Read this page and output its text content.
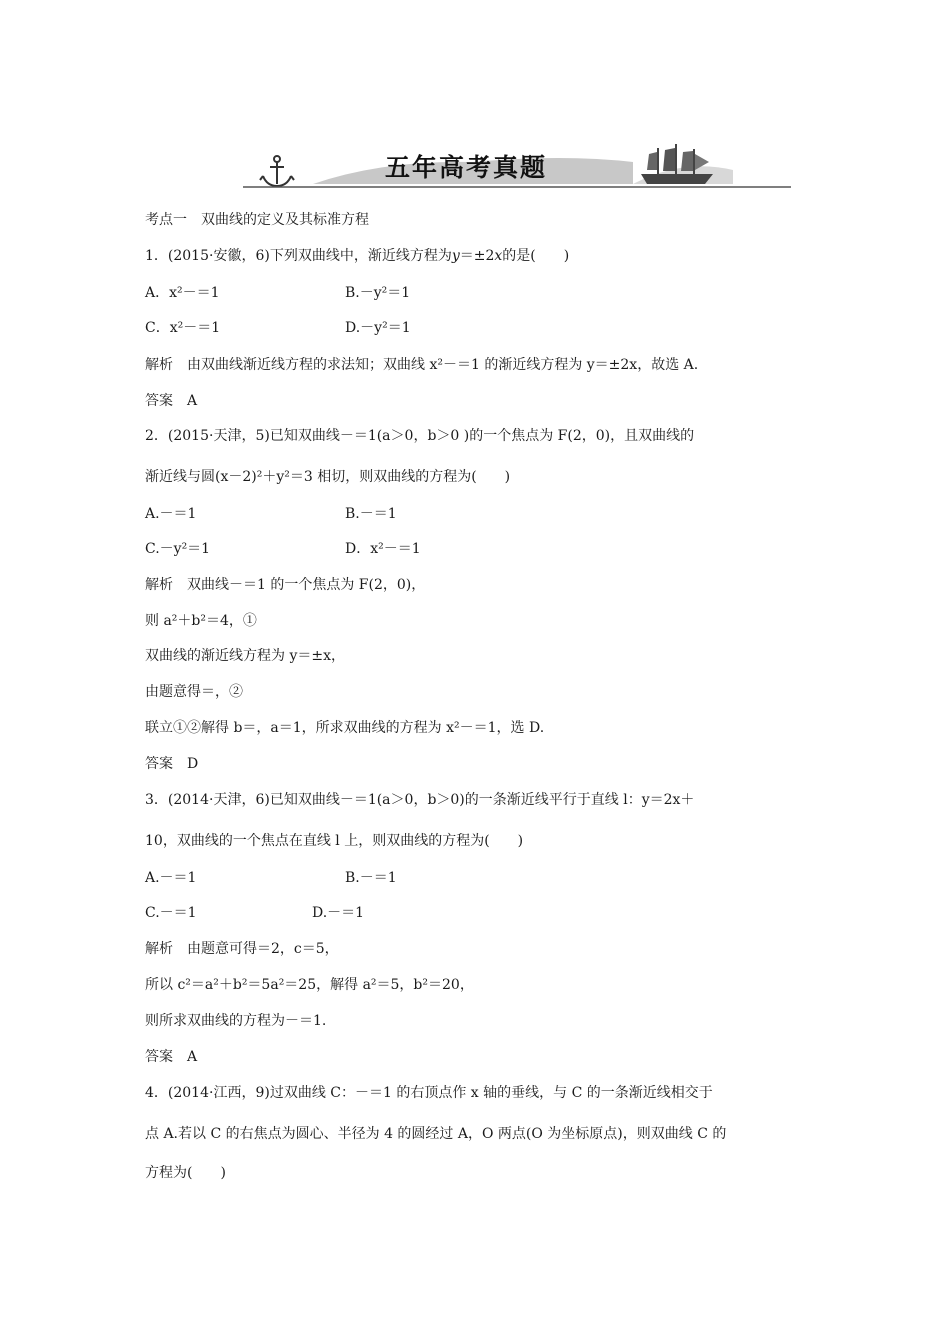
五年高考真题
考点一　双曲线的定义及其标准方程
1．(2015·安徽，6)下列双曲线中，渐近线方程为y＝±2x的是(　　)
A．x²－＝1	B.－y²＝1
C．x²－＝1	D.－y²＝1
解析　由双曲线渐近线方程的求法知；双曲线 x²－＝1 的渐近线方程为 y＝±2x，故选 A.
答案　A
2．(2015·天津，5)已知双曲线－＝1(a＞0，b＞0 )的一个焦点为 F(2，0)，且双曲线的
渐近线与圆(x－2)²＋y²＝3 相切，则双曲线的方程为(　　)
A.－＝1	B.－＝1
C.－y²＝1	D．x²－＝1
解析　双曲线－＝1 的一个焦点为 F(2，0)，
则 a²＋b²＝4，①
双曲线的渐近线方程为 y＝±x，
由题意得＝，②
联立①②解得 b＝，a＝1，所求双曲线的方程为 x²－＝1，选 D.
答案　D
3．(2014·天津，6)已知双曲线－＝1(a＞0，b＞0)的一条渐近线平行于直线 l：y＝2x＋
10，双曲线的一个焦点在直线 l 上，则双曲线的方程为(　　)
A.－＝1	B.－＝1
C.－＝1	D.－＝1
解析　由题意可得＝2，c＝5，
所以 c²＝a²＋b²＝5a²＝25，解得 a²＝5，b²＝20，
则所求双曲线的方程为－＝1.
答案　A
4．(2014·江西，9)过双曲线 C：－＝1 的右顶点作 x 轴的垂线，与 C 的一条渐近线相交于
点 A.若以 C 的右焦点为圆心、半径为 4 的圆经过 A，O 两点(O 为坐标原点)，则双曲线 C 的
方程为(　　)
